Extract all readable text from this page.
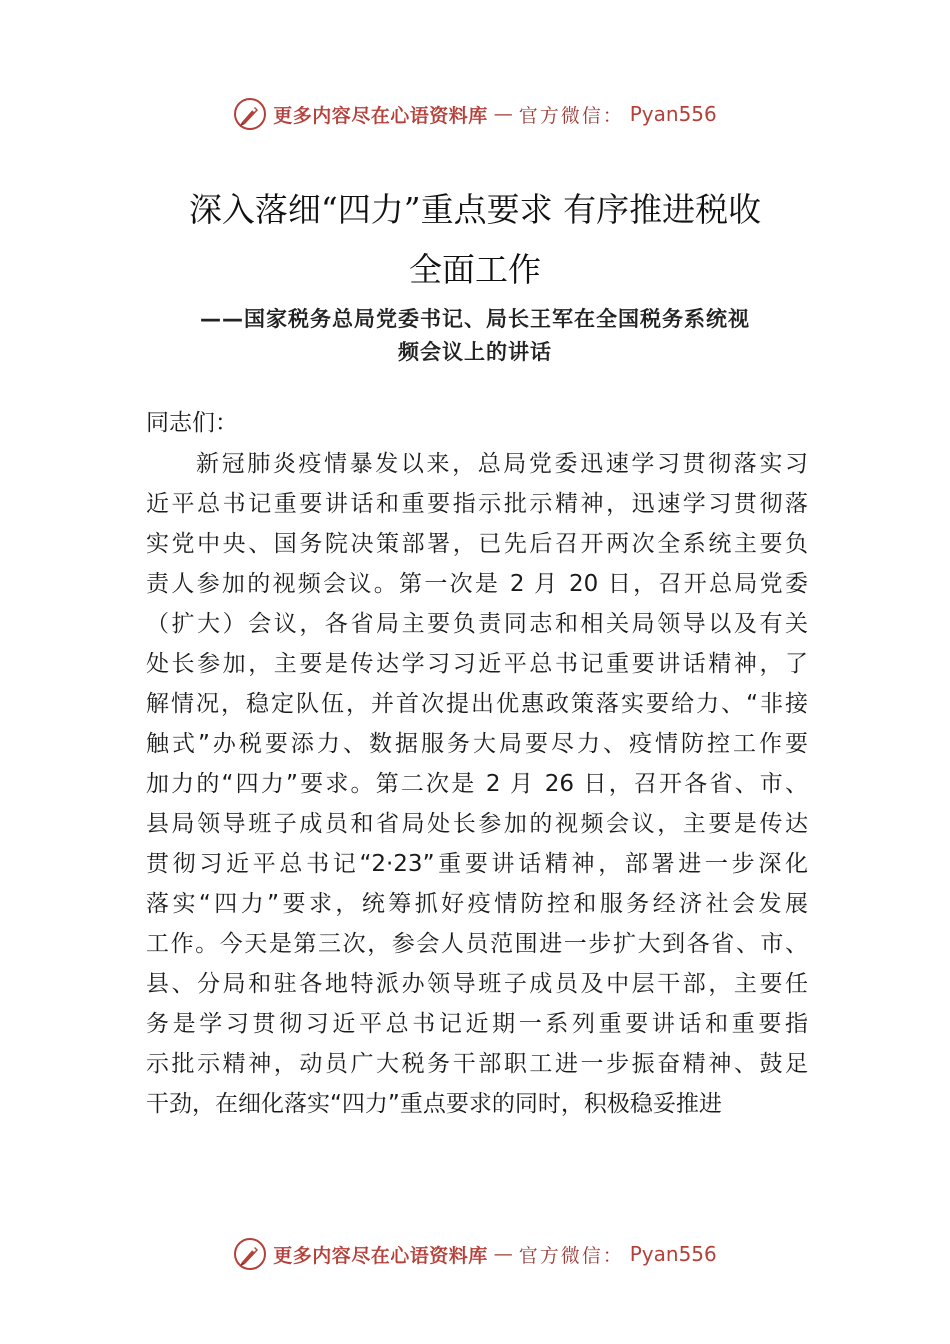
更多内容尽在心语资料库 — 官方微信： Pyan556
深入落细“四力”重点要求 有序推进税收
全面工作
——国家税务总局党委书记、局长王军在全国税务系统视
频会议上的讲话
同志们：
新冠肺炎疫情暴发以来，总局党委迅速学习贯彻落实习
近平总书记重要讲话和重要指示批示精神，迅速学习贯彻落
实党中央、国务院决策部署，已先后召开两次全系统主要负
责人参加的视频会议。第一次是 2 月 20 日，召开总局党委
（扩大）会议，各省局主要负责同志和相关局领导以及有关
处长参加，主要是传达学习习近平总书记重要讲话精神，了
解情况，稳定队伍，并首次提出优惠政策落实要给力、“非接
触式”办税要添力、数据服务大局要尽力、疫情防控工作要
加力的“四力”要求。第二次是 2 月 26 日，召开各省、市、
县局领导班子成员和省局处长参加的视频会议，主要是传达
贯彻习近平总书记“2·23”重要讲话精神，部署进一步深化
落实“四力”要求，统筹抓好疫情防控和服务经济社会发展
工作。今天是第三次，参会人员范围进一步扩大到各省、市、
县、分局和驻各地特派办领导班子成员及中层干部，主要任
务是学习贯彻习近平总书记近期一系列重要讲话和重要指
示批示精神，动员广大税务干部职工进一步振奋精神、鼓足
干劲，在细化落实“四力”重点要求的同时，积极稳妥推进
更多内容尽在心语资料库 — 官方微信： Pyan556
